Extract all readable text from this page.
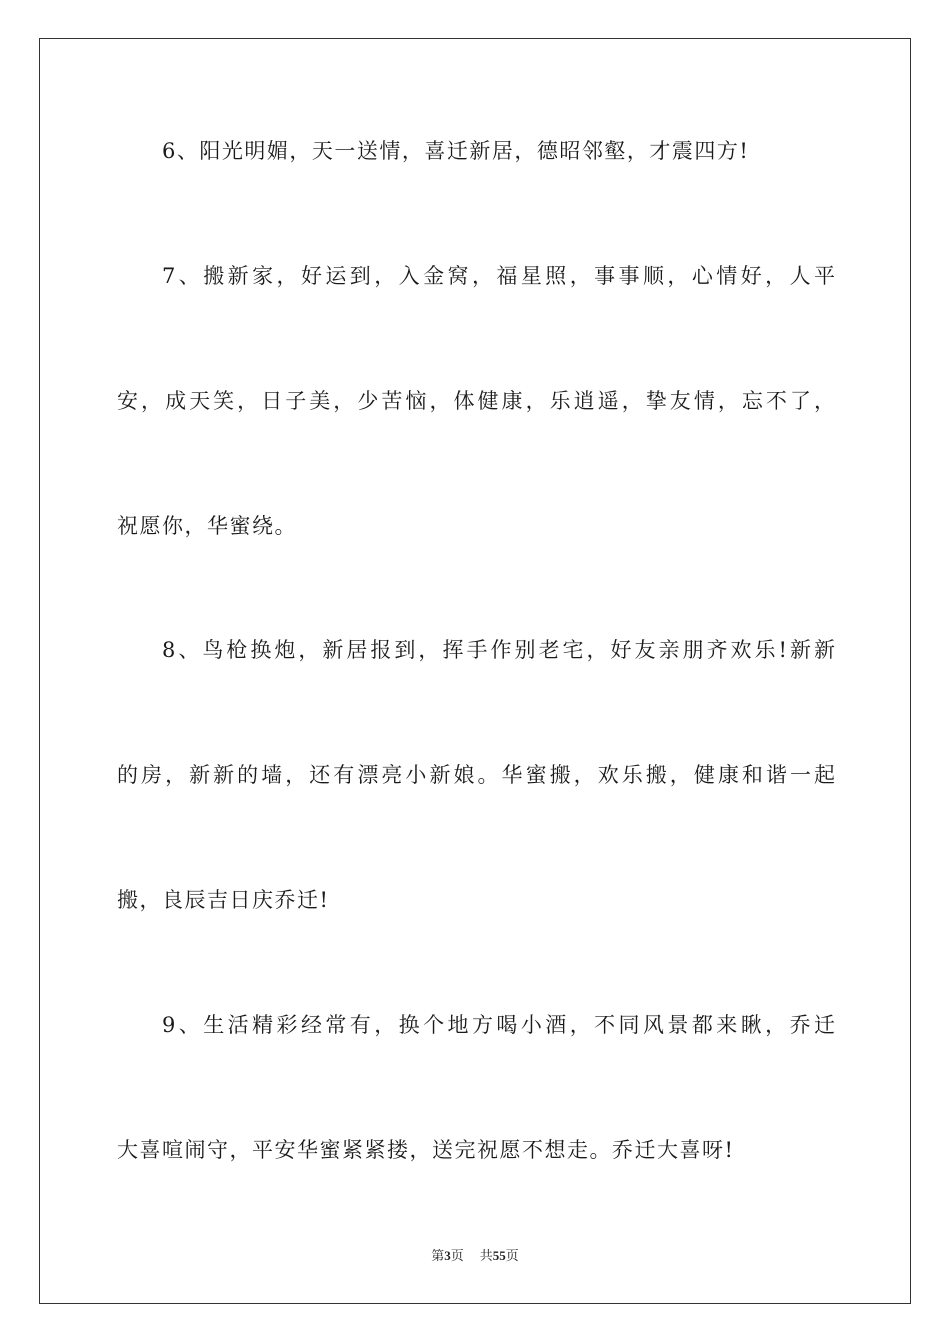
6、阳光明媚，天一送情，喜迁新居，德昭邻壑，才震四方!
7、搬新家，好运到，入金窝，福星照，事事顺，心情好，人平
安，成天笑，日子美，少苦恼，体健康，乐逍遥，挚友情，忘不了，
祝愿你，华蜜绕。
8、鸟枪换炮，新居报到，挥手作别老宅，好友亲朋齐欢乐!新新
的房，新新的墙，还有漂亮小新娘。华蜜搬，欢乐搬，健康和谐一起
搬，良辰吉日庆乔迁!
9、生活精彩经常有，换个地方喝小酒，不同风景都来瞅，乔迁
大喜喧闹守，平安华蜜紧紧搂，送完祝愿不想走。乔迁大喜呀!
第3页 共55页
